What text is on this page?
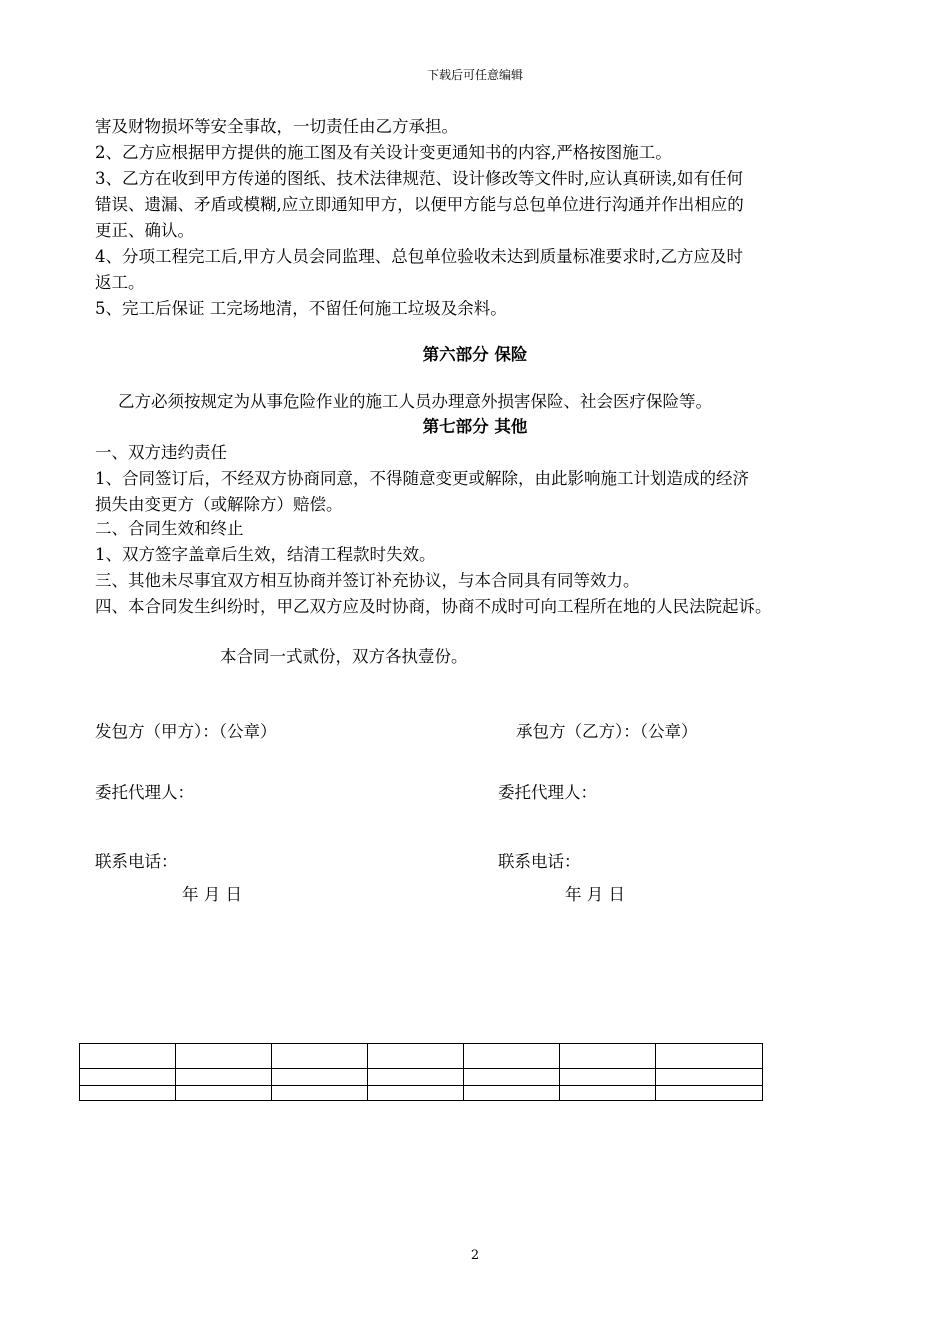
下载后可任意编辑
害及财物损坏等安全事故，一切责任由乙方承担。
2、乙方应根据甲方提供的施工图及有关设计变更通知书的内容,严格按图施工。
3、乙方在收到甲方传递的图纸、技术法律规范、设计修改等文件时,应认真研读,如有任何
错误、遗漏、矛盾或模糊,应立即通知甲方，以便甲方能与总包单位进行沟通并作出相应的
更正、确认。
4、分项工程完工后,甲方人员会同监理、总包单位验收未达到质量标准要求时,乙方应及时
返工。
5、完工后保证 工完场地清，不留任何施工垃圾及余料。
第六部分 保险
乙方必须按规定为从事危险作业的施工人员办理意外损害保险、社会医疗保险等。
第七部分 其他
一、双方违约责任
1、合同签订后，不经双方协商同意，不得随意变更或解除，由此影响施工计划造成的经济
损失由变更方（或解除方）赔偿。
二、合同生效和终止
1、双方签字盖章后生效，结清工程款时失效。
三、其他未尽事宜双方相互协商并签订补充协议，与本合同具有同等效力。
四、本合同发生纠纷时，甲乙双方应及时协商，协商不成时可向工程所在地的人民法院起诉。
本合同一式贰份，双方各执壹份。
发包方（甲方）：（公章）	承包方（乙方）：（公章）
委托代理人：	委托代理人：
联系电话：	联系电话：
年 月 日	年 月 日

2
